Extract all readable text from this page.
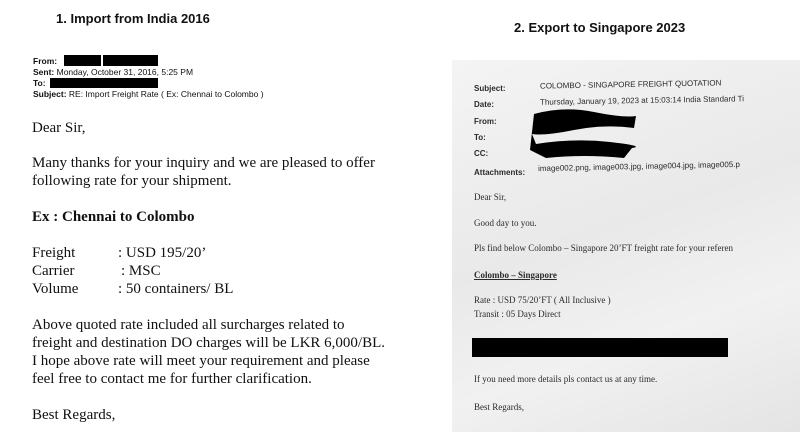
1. Import from India 2016
From:
Sent: Monday, October 31, 2016, 5:25 PM
To:
Subject: RE: Import Freight Rate ( Ex: Chennai to Colombo )
Dear Sir,
Many thanks for your inquiry and we are pleased to offer
following rate for your shipment.
Ex : Chennai to Colombo
Freight	: USD 195/20’
Carrier	: MSC
Volume	: 50 containers/ BL
Above quoted rate included all surcharges related to
freight and destination DO charges will be LKR 6,000/BL.
I hope above rate will meet your requirement and please
feel free to contact me for further clarification.
Best Regards,
2. Export to Singapore 2023
Subject:	COLOMBO - SINGAPORE FREIGHT QUOTATION
Date:	Thursday, January 19, 2023 at 15:03:14 India Standard Ti
From:
To:
CC:
Attachments: image002.png, image003.jpg, image004.jpg, image005.p
Dear Sir,
Good day to you.
Pls find below Colombo – Singapore 20’FT freight rate for your referen
Colombo – Singapore
Rate : USD 75/20’FT ( All Inclusive )
Transit : 05 Days Direct
If you need more details pls contact us at any time.
Best Regards,
